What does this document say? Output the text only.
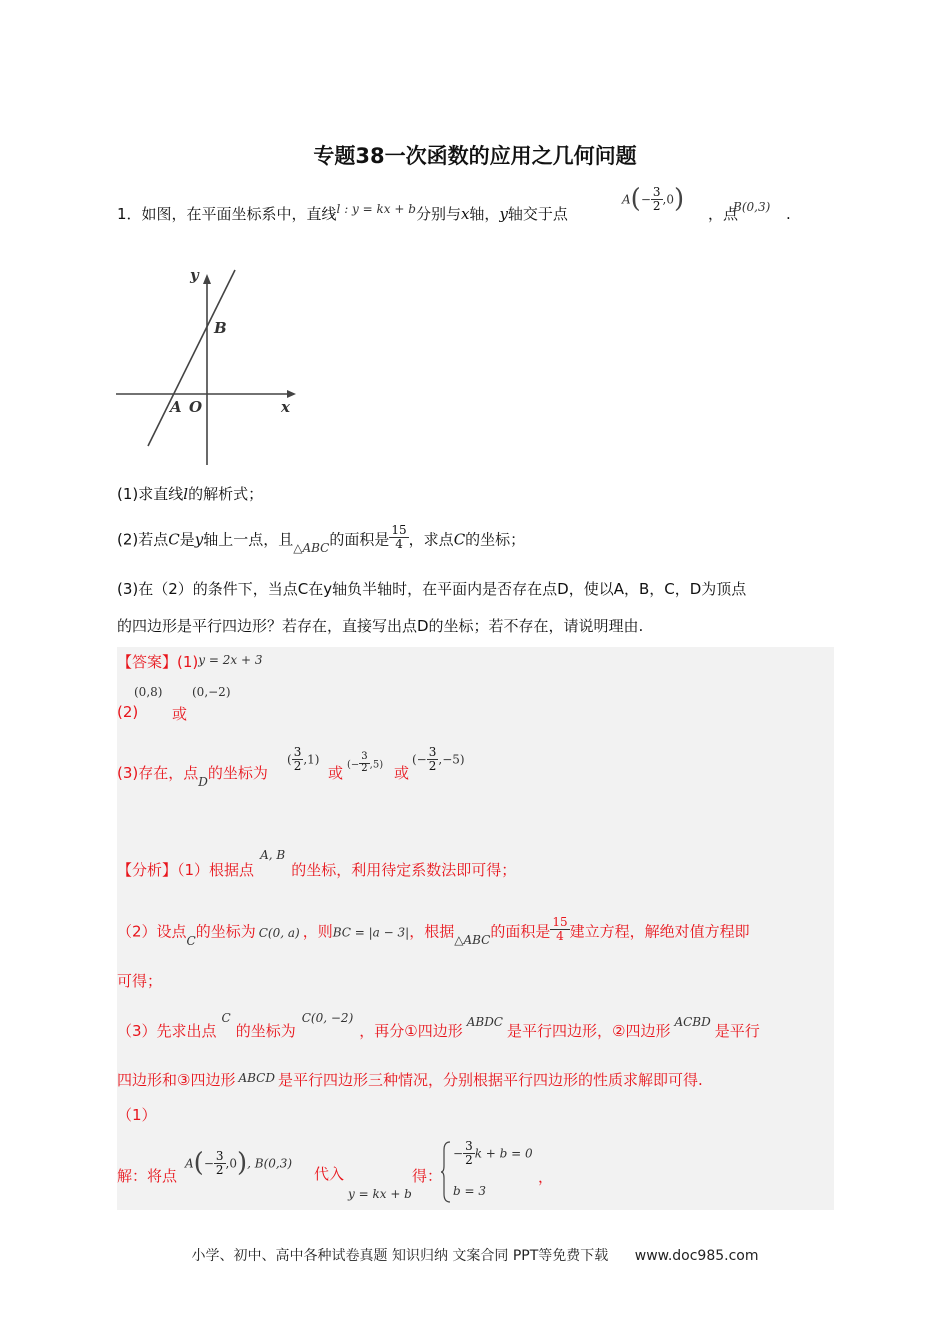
专题38一次函数的应用之几何问题
1．如图，在平面坐标系中，直线$^{l : y = kx + b}$分别与x轴，y轴交于点
$A(- \frac{3}{2} ,0)$ ，点
B(0,3) .
y
x
B
A O
(1)求直线l的解析式；
(2)若点C是y轴上一点，且$_{\triangle ABC}$的面积是 $\frac{15}{4}$ ，求点C的坐标；
(3)在（2）的条件下，当点C在y轴负半轴时，在平面内是否存在点D，使以A，B，C，D为顶点
的四边形是平行四边形？若存在，直接写出点D的坐标；若不存在，请说明理由.
【答案】$(1)^{y = 2x + 3}$
(2)
(0,8)
或
(0,−2)
(3)存在，点$_D$的坐标为
( $\frac{3}{2} ,1$)
或 (− $\frac{3}{2} ,5$) 或
(− $\frac{3}{2} ,-5$)
【分析】（1）根据点$^{A, B}$的坐标，利用待定系数法即可得；
（2）设点$_C$的坐标为 C(0, a) ，则BC = |a − 3|，根据$_{\triangle ABC}$的面积是 $\frac{15}{4}$ 建立方程，解绝对值方程即
可得；
（3）先求出点$^C$的坐标为$^{C(0, -2)}$，再分①四边形 $^{ABDC}$ 是平行四边形，②四边形 $^{ACBD}$ 是平行
四边形和③四边形 $^{ABCD}$ 是平行四边形三种情况，分别根据平行四边形的性质求解即可得.
（1）
解：将点
$A(- \frac{3}{2} ,0)$, B(0,3)
代入
y = kx + b
得：
− $\frac{3}{2}$ k + b = 0
b = 3
，
小学、初中、高中各种试卷真题 知识归纳 文案合同 PPT等免费下载 www.doc985.com
